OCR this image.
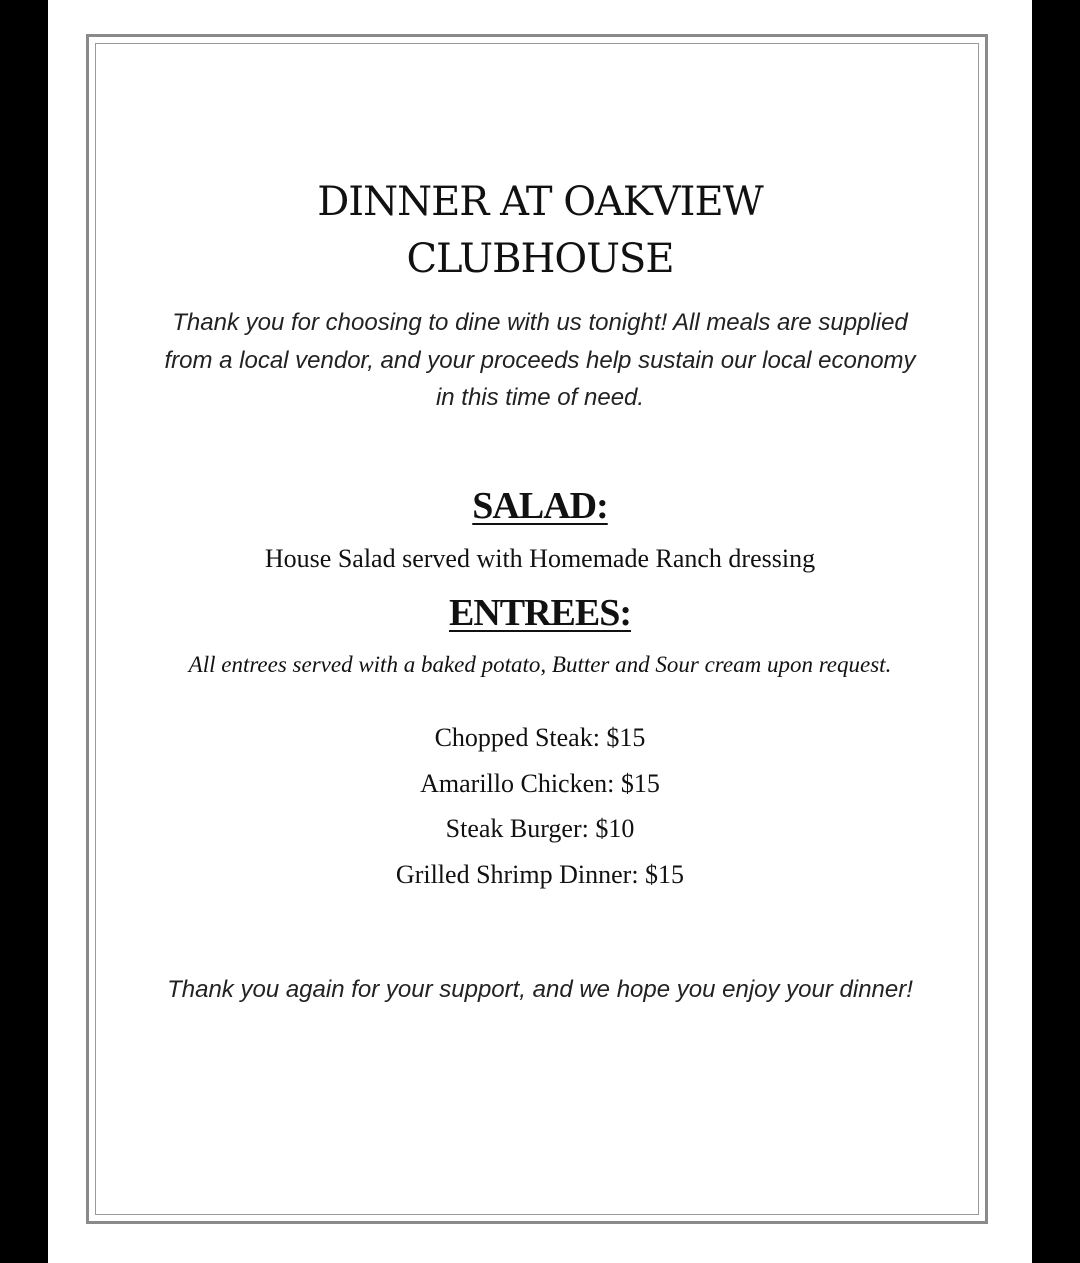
DINNER AT OAKVIEW
CLUBHOUSE

Thank you for choosing to dine with us tonight! All meals are supplied from a local vendor, and your proceeds help sustain our local economy in this time of need.

SALAD:

House Salad served with Homemade Ranch dressing

ENTREES:

All entrees served with a baked potato, Butter and Sour cream upon request.

Chopped Steak: $15

Amarillo Chicken: $15

Steak Burger: $10

Grilled Shrimp Dinner: $15

Thank you again for your support, and we hope you enjoy your dinner!
